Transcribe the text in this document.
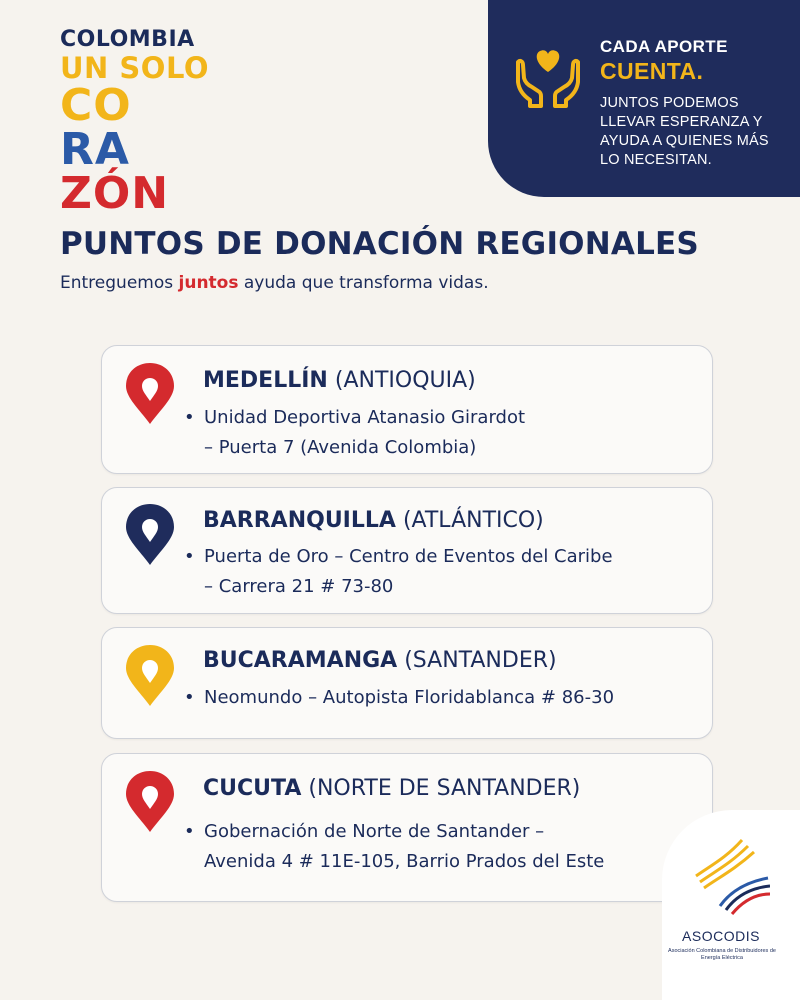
COLOMBIA
UN SOLO
CO
RA
ZÓN
CADA APORTE
CUENTA.
JUNTOS PODEMOS LLEVAR ESPERANZA Y AYUDA A QUIENES MÁS LO NECESITAN.
PUNTOS DE DONACIÓN REGIONALES
Entreguemos juntos ayuda que transforma vidas.
MEDELLÍN (ANTIOQUIA)
• Unidad Deportiva Atanasio Girardot
– Puerta 7 (Avenida Colombia)
BARRANQUILLA (ATLÁNTICO)
• Puerta de Oro – Centro de Eventos del Caribe
– Carrera 21 # 73-80
BUCARAMANGA (SANTANDER)
• Neomundo – Autopista Floridablanca # 86-30
CUCUTA (NORTE DE SANTANDER)
• Gobernación de Norte de Santander –
Avenida 4 # 11E-105, Barrio Prados del Este
ASOCODIS
Asociación Colombiana de Distribuidores de Energía Eléctrica
